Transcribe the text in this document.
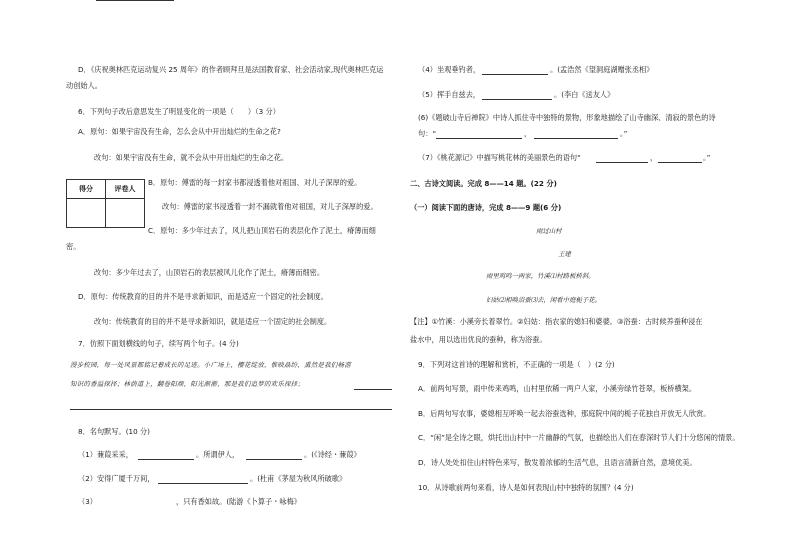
D．《庆祝奥林匹克运动复兴 25 周年》的作者顾拜旦是法国教育家、社会活动家,现代奥林匹克运
动创始人。
6．下列句子改后意思发生了明显变化的一项是（　　）（3 分）
A．原句：如果宇宙没有生命，怎么会从中开出灿烂的生命之花?
改句：如果宇宙没有生命，就不会从中开出灿烂的生命之花。
得分	评卷人

B．原句：傅雷的每一封家书都浸透着他对祖国、对儿子深厚的爱。
改句：傅雷的家书浸透着一封不漏就着他对祖国，对儿子深厚的爱。
C．原句：多少年过去了，风儿把山顶岩石的表层化作了泥土，瘠薄而细
密。
改句：多少年过去了，山顶岩石的表层被风儿化作了泥土，瘠薄而细密。
D．原句：传统教育的目的并不是寻求新知识，而是适应一个固定的社会制度。
改句：传统教育的目的并不是寻求新知识，就是适应一个固定的社会制度。
7．仿照下面划横线的句子，续写两个句子。(4 分)
漫步校园，每一处风景都铭记着成长的足迹。小广场上，樱花绽放，惟映晶纷，熏然是我们畅游
知识的香溢探择；林荫道上，翻卷阳颜，阳光渐渐，那是我们追梦的欢乐探择；
8．名句默写。(10 分)
（1）蒹葭采采，	。所谓伊人，	。(《诗经・蒹葭》
（2）安得广厦千万间，	。(杜甫《茅屋为秋风所破歌》
（3）	，只有香如故。(陆游《卜算子・咏梅》
（4）坐观垂钓者，	。(孟浩然《望洞庭湖赠张丞相》
（5）挥手自兹去，	。(李白《送友人》
(6)《题破山寺后禅院》中诗人抓住寺中独特的景物，形象地描绘了山寺幽深、清寂的景色的诗
句：“	，	。”
（7）《桃花源记》中描写桃花林的美丽景色的语句“	，	。”
二、古诗文阅读。完成 8——14 题。(22 分)
（一）阅读下面的唐诗，完成 8——9 题(6 分)
雨过山村
王建
雨里鸡鸣一两家，竹溪⑴村路板桥斜。
妇姑⑵相唤浴蚕⑶去，闲看中庭栀子花。
【注】①竹溪：小溪旁长着翠竹。②妇姑：指农家的媳妇和婆婆。③浴蚕：古时候养蚕种浸在
盐水中，用以选出优良的蚕种，称为浴蚕。
9．下列对这首诗的理解和赏析，不正确的一项是（　）(2 分)
A．前两句写景，雨中传来鸡鸣，山村里依稀一两户人家，小溪旁绿竹苍翠，板桥横架。
B．后两句写农事，婆媳相互呼唤一起去浴蚕选种，那庭院中间的栀子花独自开放无人欣赏。
C．“闲”是全诗之眼，烘托出山村中一片幽静的气氛，也描绘出人们在春深时节人们十分悠闲的情景。
D．诗人处处扣住山村特色来写，散发着浓郁的生活气息，且语言清新自然，意境优美。
10．从诗歌前两句来看，诗人是如何表现山村中独特的氛围？(4 分)
